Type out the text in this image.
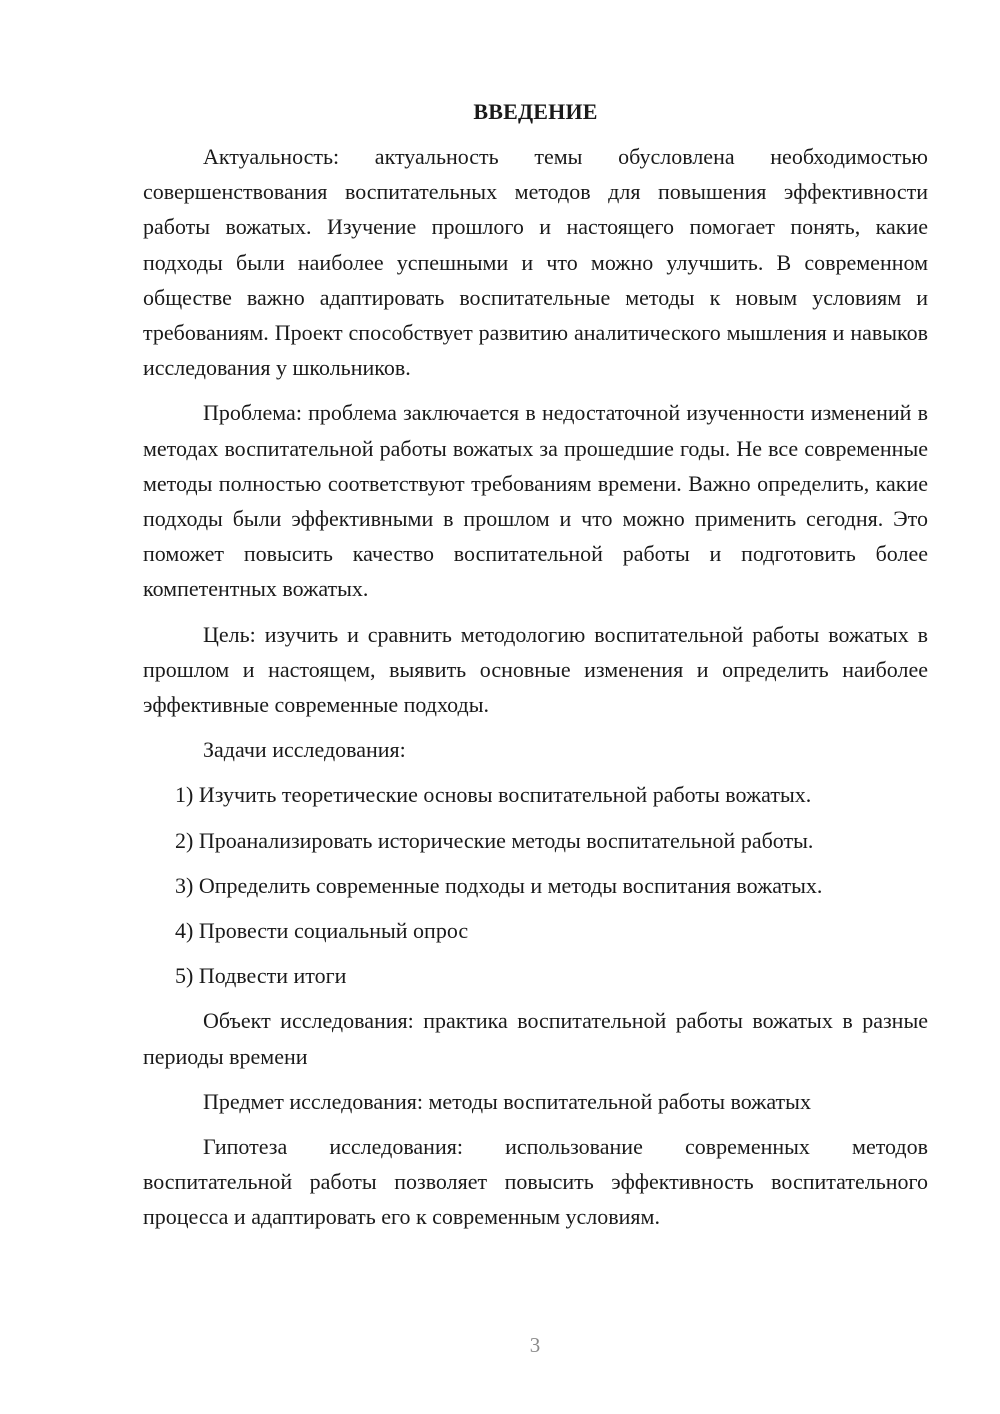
ВВЕДЕНИЕ

Актуальность: актуальность темы обусловлена необходимостью совершенствования воспитательных методов для повышения эффективности работы вожатых. Изучение прошлого и настоящего помогает понять, какие подходы были наиболее успешными и что можно улучшить. В современном обществе важно адаптировать воспитательные методы к новым условиям и требованиям. Проект способствует развитию аналитического мышления и навыков исследования у школьников.

Проблема: проблема заключается в недостаточной изученности изменений в методах воспитательной работы вожатых за прошедшие годы. Не все современные методы полностью соответствуют требованиям времени. Важно определить, какие подходы были эффективными в прошлом и что можно применить сегодня. Это поможет повысить качество воспитательной работы и подготовить более компетентных вожатых.

Цель: изучить и сравнить методологию воспитательной работы вожатых в прошлом и настоящем, выявить основные изменения и определить наиболее эффективные современные подходы.

Задачи исследования:

1) Изучить теоретические основы воспитательной работы вожатых.
2) Проанализировать исторические методы воспитательной работы.
3) Определить современные подходы и методы воспитания вожатых.
4) Провести социальный опрос
5) Подвести итоги

Объект исследования: практика воспитательной работы вожатых в разные периоды времени

Предмет исследования: методы воспитательной работы вожатых

Гипотеза исследования: использование современных методов воспитательной работы позволяет повысить эффективность воспитательного процесса и адаптировать его к современным условиям.

3
